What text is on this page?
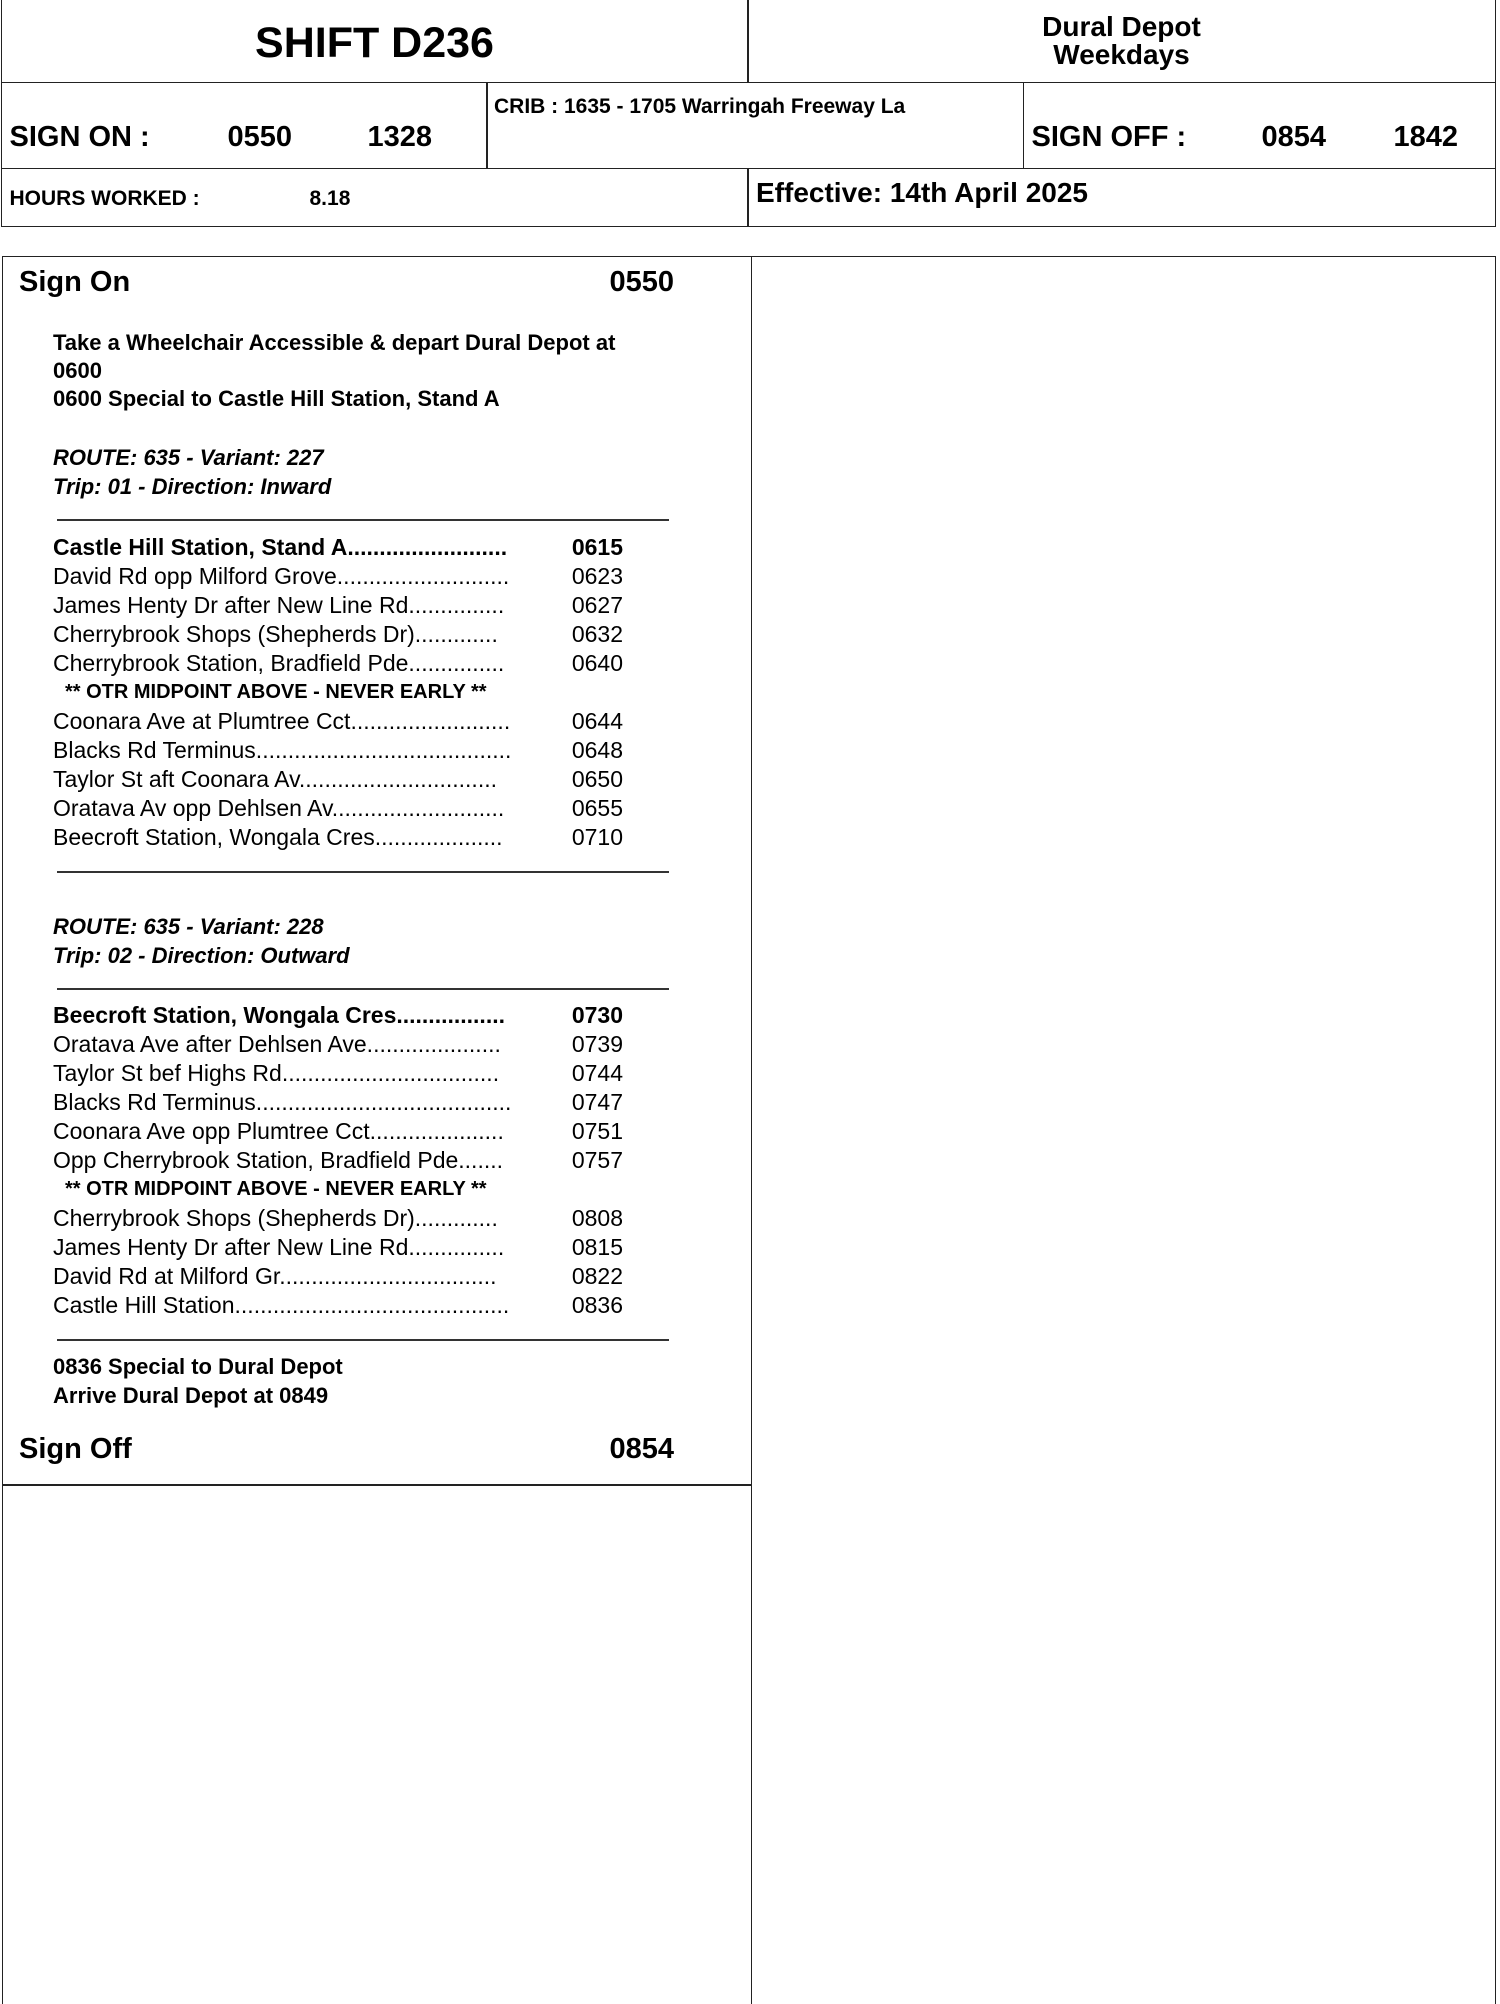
SHIFT D236	Dural Depot
Weekdays
SIGN ON :	0550	1328
CRIB : 1635 - 1705 Warringah Freeway La
SIGN OFF :	0854	1842
HOURS WORKED :	8.18	Effective: 14th April 2025
Sign On	0550
Take a Wheelchair Accessible & depart Dural Depot at
0600
0600 Special to Castle Hill Station, Stand A
ROUTE: 635 - Variant: 227
Trip: 01 - Direction: Inward
Castle Hill Station, Stand A.........................	0615
David Rd opp Milford Grove...........................	0623
James Henty Dr after New Line Rd...............	0627
Cherrybrook Shops (Shepherds Dr).............	0632
Cherrybrook Station, Bradfield Pde...............	0640
** OTR MIDPOINT ABOVE - NEVER EARLY **
Coonara Ave at Plumtree Cct.........................	0644
Blacks Rd Terminus........................................	0648
Taylor St aft Coonara Av...............................	0650
Oratava Av opp Dehlsen Av...........................	0655
Beecroft Station, Wongala Cres....................	0710
ROUTE: 635 - Variant: 228
Trip: 02 - Direction: Outward
Beecroft Station, Wongala Cres.................	0730
Oratava Ave after Dehlsen Ave.....................	0739
Taylor St bef Highs Rd..................................	0744
Blacks Rd Terminus........................................	0747
Coonara Ave opp Plumtree Cct.....................	0751
Opp Cherrybrook Station, Bradfield Pde.......	0757
** OTR MIDPOINT ABOVE - NEVER EARLY **
Cherrybrook Shops (Shepherds Dr).............	0808
James Henty Dr after New Line Rd...............	0815
David Rd at Milford Gr..................................	0822
Castle Hill Station...........................................	0836
0836 Special to Dural Depot
Arrive Dural Depot at 0849
Sign Off	0854
